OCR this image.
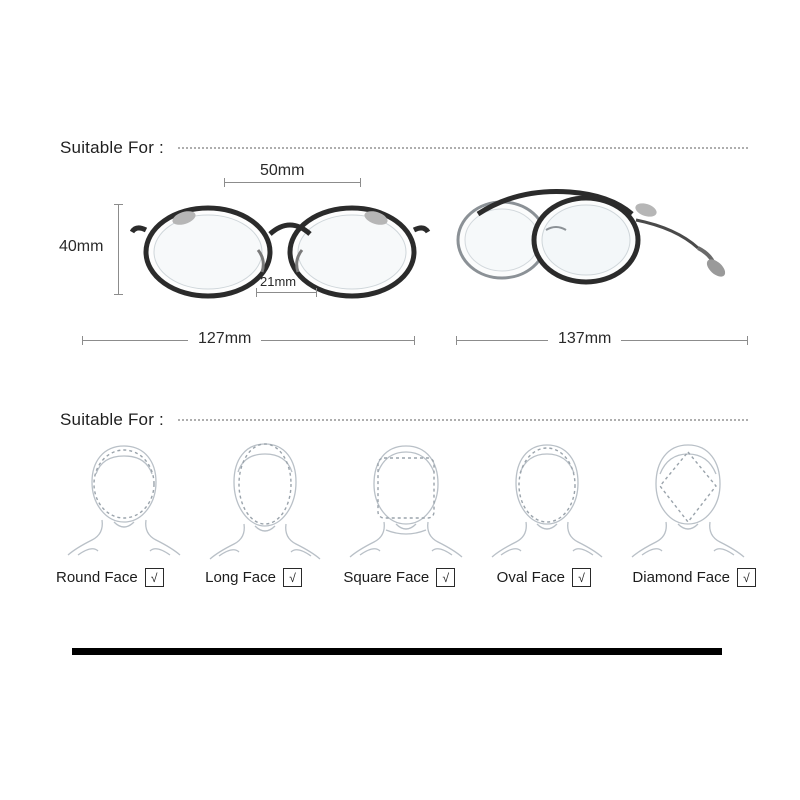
Suitable For :
50mm
40mm
21mm
127mm	137mm
Suitable For :
Round Face	√	Long Face	√	Square Face	√	Oval Face	√	Diamond Face	√
